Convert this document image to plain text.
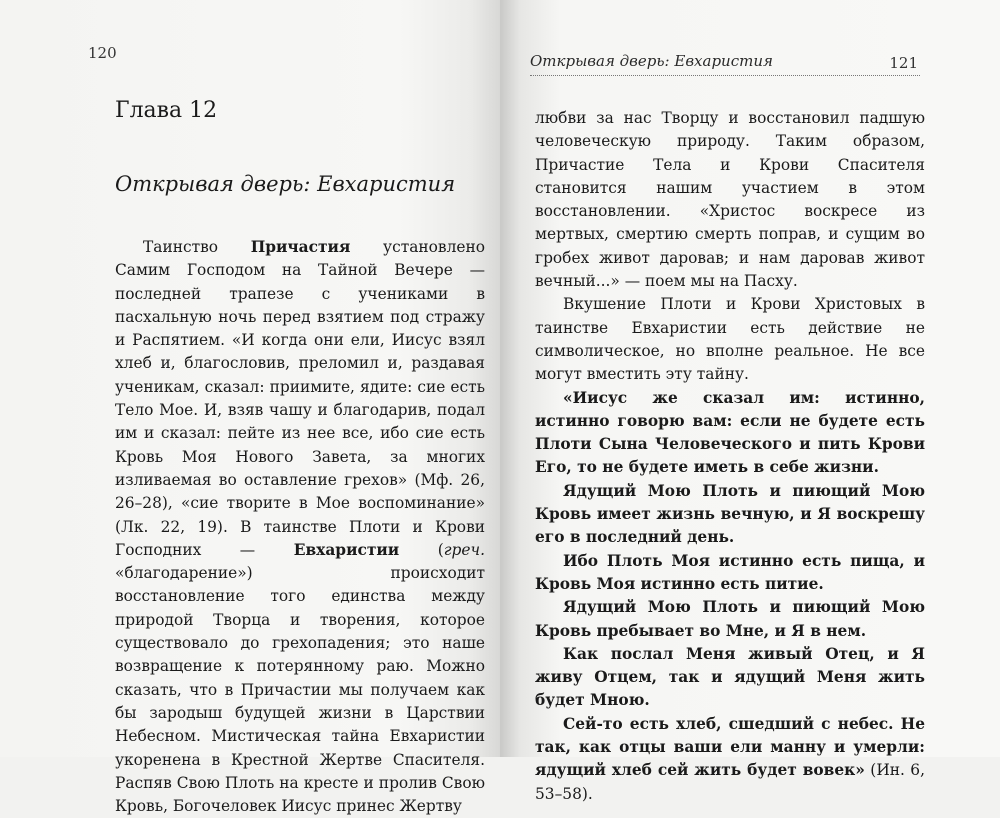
120
Глава 12
Открывая дверь: Евхаристия

Таинство Причастия установлено Самим Господом на Тайной Вечере — последней трапезе с учениками в пасхальную ночь перед взятием под стражу и Распятием. «И когда они ели, Иисус взял хлеб и, благословив, преломил и, раздавая ученикам, сказал: приимите, ядите: сие есть Тело Мое. И, взяв чашу и благодарив, подал им и сказал: пейте из нее все, ибо сие есть Кровь Моя Нового Завета, за многих изливаемая во оставление грехов» (Мф. 26, 26–28), «сие творите в Мое воспоминание» (Лк. 22, 19). В таинстве Плоти и Крови Господних — Евхаристии (греч. «благодарение») происходит восстановление того единства между природой Творца и творения, которое существовало до грехопадения; это наше возвращение к потерянному раю. Можно сказать, что в Причастии мы получаем как бы зародыш будущей жизни в Царствии Небесном. Мистическая тайна Евхаристии укоренена в Крестной Жертве Спасителя. Распяв Свою Плоть на кресте и пролив Свою Кровь, Богочеловек Иисус принес Жертву

Открывая дверь: Евхаристия	121

любви за нас Творцу и восстановил падшую человеческую природу. Таким образом, Причастие Тела и Крови Спасителя становится нашим участием в этом восстановлении. «Христос воскресе из мертвых, смертию смерть поправ, и сущим во гробех живот даровав; и нам даровав живот вечный...» — поем мы на Пасху.

Вкушение Плоти и Крови Христовых в таинстве Евхаристии есть действие не символическое, но вполне реальное. Не все могут вместить эту тайну.

«Иисус же сказал им: истинно, истинно говорю вам: если не будете есть Плоти Сына Человеческого и пить Крови Его, то не будете иметь в себе жизни.

Ядущий Мою Плоть и пиющий Мою Кровь имеет жизнь вечную, и Я воскрешу его в последний день.

Ибо Плоть Моя истинно есть пища, и Кровь Моя истинно есть питие.

Ядущий Мою Плоть и пиющий Мою Кровь пребывает во Мне, и Я в нем.

Как послал Меня живый Отец, и Я живу Отцем, так и ядущий Меня жить будет Мною.

Сей-то есть хлеб, сшедший с небес. Не так, как отцы ваши ели манну и умерли: ядущий хлеб сей жить будет вовек» (Ин. 6, 53–58).
